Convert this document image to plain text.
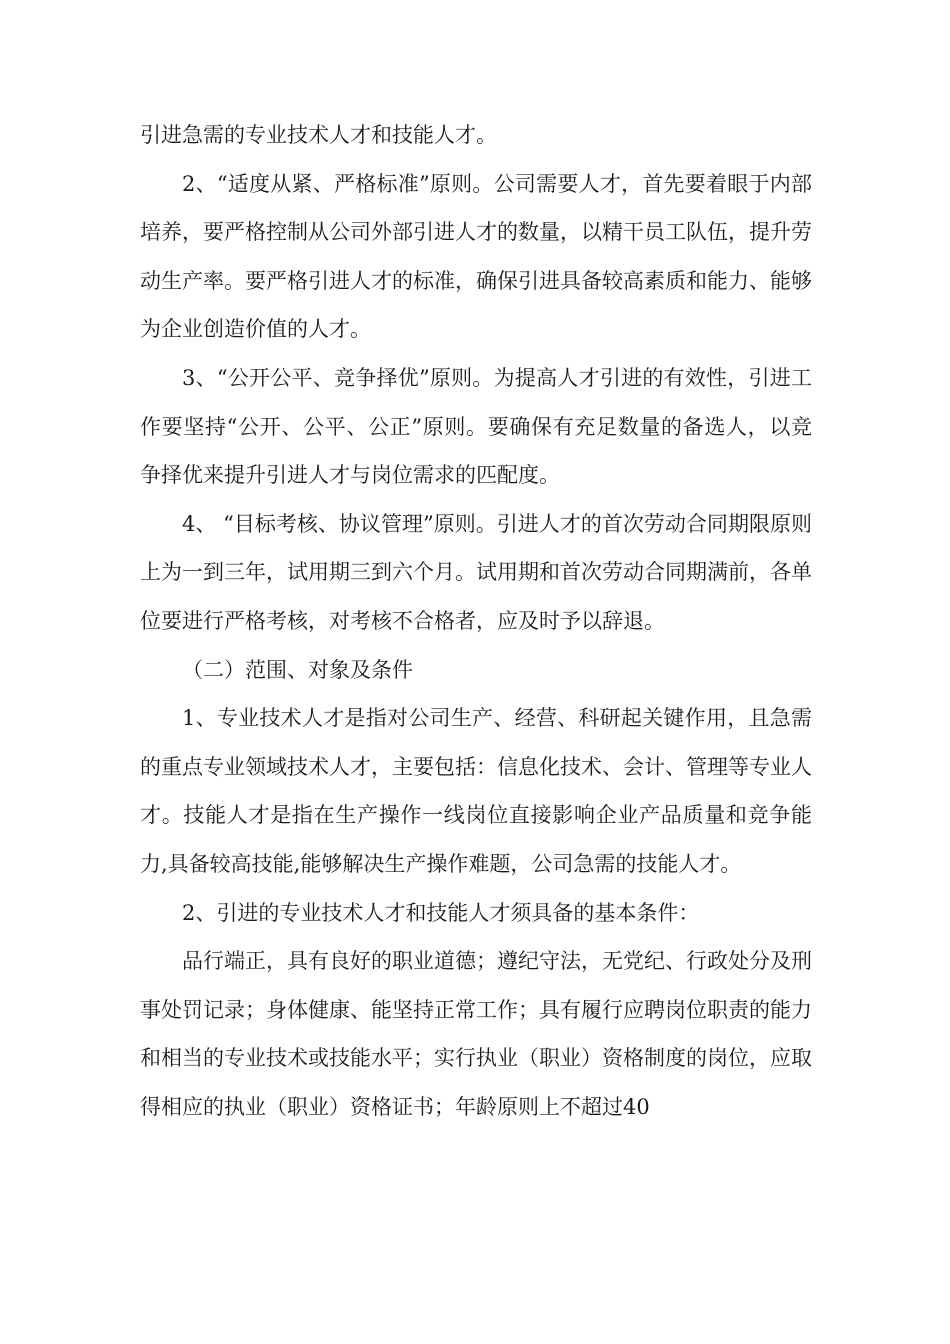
引进急需的专业技术人才和技能人才。

2、“适度从紧、严格标准”原则。公司需要人才，首先要着眼于内部培养，要严格控制从公司外部引进人才的数量，以精干员工队伍，提升劳动生产率。要严格引进人才的标准，确保引进具备较高素质和能力、能够为企业创造价值的人才。

3、“公开公平、竞争择优”原则。为提高人才引进的有效性，引进工作要坚持“公开、公平、公正”原则。要确保有充足数量的备选人，以竞争择优来提升引进人才与岗位需求的匹配度。

4、 “目标考核、协议管理”原则。引进人才的首次劳动合同期限原则上为一到三年，试用期三到六个月。试用期和首次劳动合同期满前，各单位要进行严格考核，对考核不合格者，应及时予以辞退。

（二）范围、对象及条件

1、专业技术人才是指对公司生产、经营、科研起关键作用，且急需的重点专业领域技术人才，主要包括：信息化技术、会计、管理等专业人才。技能人才是指在生产操作一线岗位直接影响企业产品质量和竞争能力,具备较高技能,能够解决生产操作难题，公司急需的技能人才。

2、引进的专业技术人才和技能人才须具备的基本条件：

品行端正，具有良好的职业道德；遵纪守法，无党纪、行政处分及刑事处罚记录；身体健康、能坚持正常工作；具有履行应聘岗位职责的能力和相当的专业技术或技能水平；实行执业（职业）资格制度的岗位，应取得相应的执业（职业）资格证书；年龄原则上不超过40
